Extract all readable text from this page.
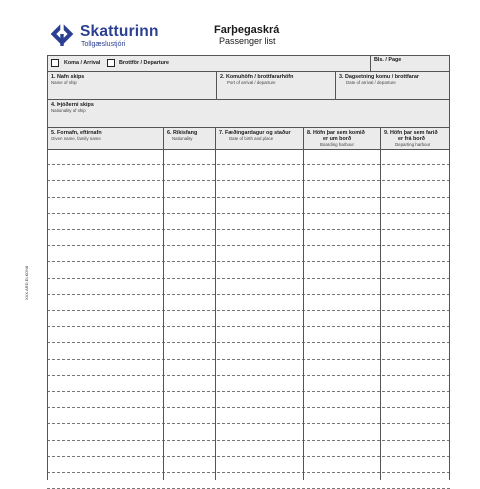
Skatturinn
Tollgæslustjóri
Farþegaskrá
Passenger list
XXX.ARD.ELKDN8
Koma / Arrival	Brottför / Departure	Bls. / Page
1. Nafn skips
Name of ship
2. Komuhöfn / brottfararhöfn
Port of arrival / departure
3. Dagsetning komu / brottfarar
Date of arrival / departure
4. Þjóðerni skips
Nationality of ship
5. Fornafn, eftirnafn
Given name, family name
6. Ríkisfang
Nationality
7. Fæðingardagur og staður
Date of birth and place
8. Höfn þar sem komið
er um borð
Boarding harbour
9. Höfn þar sem farið
er frá borð
Departing harbour
